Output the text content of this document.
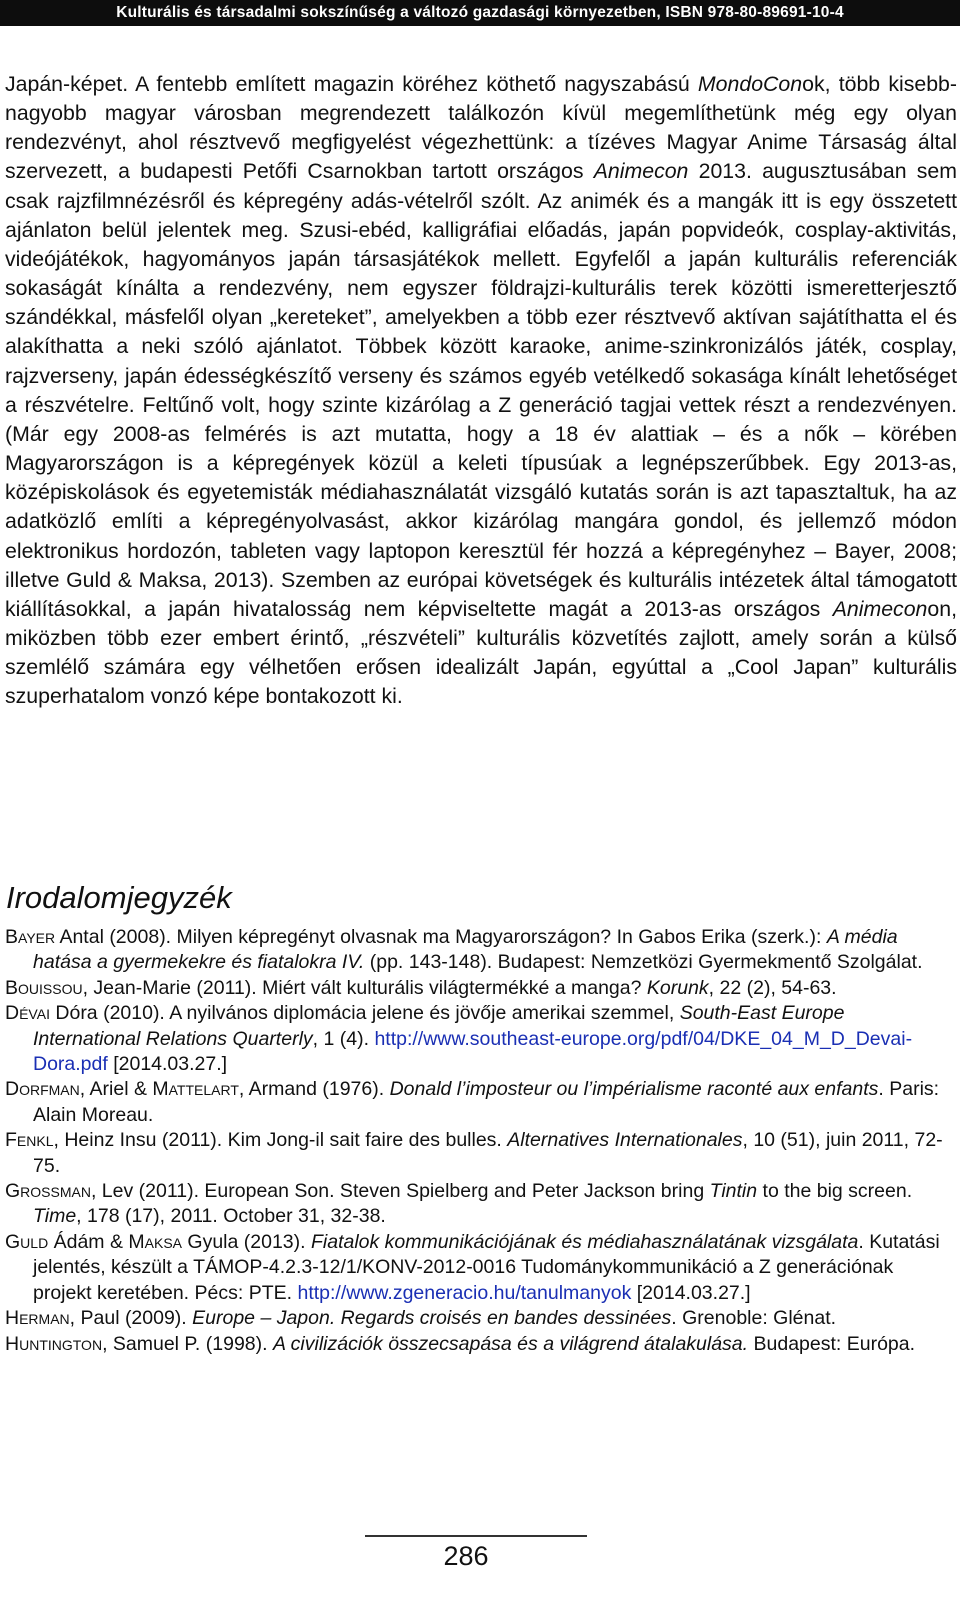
Kulturális és társadalmi sokszínűség a változó gazdasági környezetben, ISBN 978-80-89691-10-4
Japán-képet. A fentebb említett magazin köréhez köthető nagyszabású MondoConok, több kisebb-nagyobb magyar városban megrendezett találkozón kívül megemlíthetünk még egy olyan rendezvényt, ahol résztvevő megfigyelést végezhettünk: a tízéves Magyar Anime Társaság által szervezett, a budapesti Petőfi Csarnokban tartott országos Animecon 2013. augusztusában sem csak rajzfilmnézésről és képregény adás-vételről szólt. Az animék és a mangák itt is egy összetett ajánlaton belül jelentek meg. Szusi-ebéd, kalligráfiai előadás, japán popvideók, cosplay-aktivitás, videójátékok, hagyományos japán társasjátékok mellett. Egyfelől a japán kulturális referenciák sokaságát kínálta a rendezvény, nem egyszer földrajzi-kulturális terek közötti ismeretterjesztő szándékkal, másfelől olyan „kereteket”, amelyekben a több ezer résztvevő aktívan sajátíthatta el és alakíthatta a neki szóló ajánlatot. Többek között karaoke, anime-szinkronizálós játék, cosplay, rajzverseny, japán édességkészítő verseny és számos egyéb vetélkedő sokasága kínált lehetőséget a részvételre. Feltűnő volt, hogy szinte kizárólag a Z generáció tagjai vettek részt a rendezvényen. (Már egy 2008-as felmérés is azt mutatta, hogy a 18 év alattiak – és a nők – körében Magyarországon is a képregények közül a keleti típusúak a legnépszerűbbek. Egy 2013-as, középiskolások és egyetemisták médiahasználatát vizsgáló kutatás során is azt tapasztaltuk, ha az adatközlő említi a képregényolvasást, akkor kizárólag mangára gondol, és jellemző módon elektronikus hordozón, tableten vagy laptopon keresztül fér hozzá a képregényhez – Bayer, 2008; illetve Guld & Maksa, 2013). Szemben az európai követségek és kulturális intézetek által támogatott kiállításokkal, a japán hivatalosság nem képviseltette magát a 2013-as országos Animeconon, miközben több ezer embert érintő, „részvételi” kulturális közvetítés zajlott, amely során a külső szemlélő számára egy vélhetően erősen idealizált Japán, egyúttal a „Cool Japan” kulturális szuperhatalom vonzó képe bontakozott ki.
Irodalomjegyzék

Bayer Antal (2008). Milyen képregényt olvasnak ma Magyarországon? In Gabos Erika (szerk.): A média hatása a gyermekekre és fiatalokra IV. (pp. 143-148). Budapest: Nemzetközi Gyermekmentő Szolgálat.

Bouissou, Jean-Marie (2011). Miért vált kulturális világtermékké a manga? Korunk, 22 (2), 54-63.

Dévai Dóra (2010). A nyilvános diplomácia jelene és jövője amerikai szemmel, South-East Europe International Relations Quarterly, 1 (4). http://www.southeast-europe.org/pdf/04/DKE_04_M_D_Devai-Dora.pdf [2014.03.27.]

Dorfman, Ariel & Mattelart, Armand (1976). Donald l’imposteur ou l’impérialisme raconté aux enfants. Paris: Alain Moreau.

Fenkl, Heinz Insu (2011). Kim Jong-il sait faire des bulles. Alternatives Internationales, 10 (51), juin 2011, 72-75.

Grossman, Lev (2011). European Son. Steven Spielberg and Peter Jackson bring Tintin to the big screen. Time, 178 (17), 2011. October 31, 32-38.

Guld Ádám & Maksa Gyula (2013). Fiatalok kommunikációjának és médiahasználatának vizsgálata. Kutatási jelentés, készült a TÁMOP-4.2.3-12/1/KONV-2012-0016 Tudománykommunikáció a Z generációnak projekt keretében. Pécs: PTE. http://www.zgeneracio.hu/tanulmanyok [2014.03.27.]

Herman, Paul (2009). Europe – Japon. Regards croisés en bandes dessinées. Grenoble: Glénat.

Huntington, Samuel P. (1998). A civilizációk összecsapása és a világrend átalakulása. Budapest: Európa.

286
